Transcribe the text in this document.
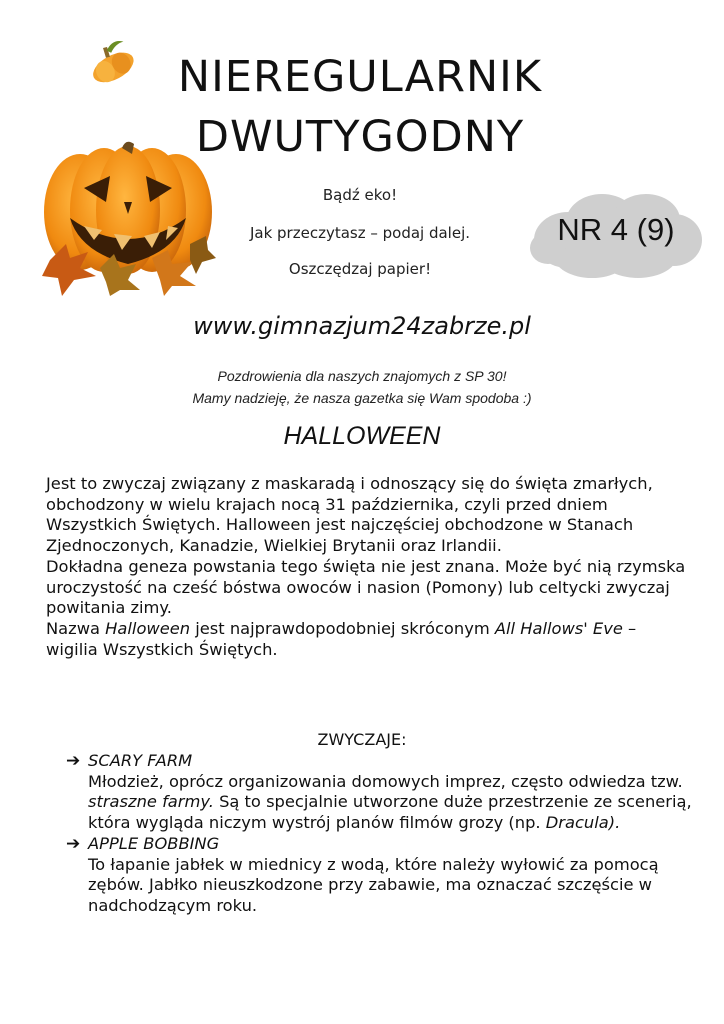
NIEREGULARNIK
DWUTYGODNY
Bądź eko!
Jak przeczytasz – podaj dalej.
Oszczędzaj papier!
NR 4 (9)
www.gimnazjum24zabrze.pl
Pozdrowienia dla naszych znajomych z SP 30!
Mamy nadzieję, że nasza gazetka się Wam spodoba :)
HALLOWEEN

Jest to zwyczaj związany z maskaradą i odnoszący się do święta zmarłych, obchodzony w wielu krajach nocą 31 października, czyli przed dniem Wszystkich Świętych. Halloween jest najczęściej obchodzone w Stanach Zjednoczonych, Kanadzie, Wielkiej Brytanii oraz Irlandii.

Dokładna geneza powstania tego święta nie jest znana. Może być nią rzymska uroczystość na cześć bóstwa owoców i nasion (Pomony) lub celtycki zwyczaj powitania zimy.

Nazwa Halloween jest najprawdopodobniej skróconym All Hallows' Eve – wigilia Wszystkich Świętych.

ZWYCZAJE:
➔ SCARY FARM
Młodzież, oprócz organizowania domowych imprez, często odwiedza tzw. straszne farmy. Są to specjalnie utworzone duże przestrzenie ze scenerią, która wygląda niczym wystrój planów filmów grozy (np. Dracula).
➔ APPLE BOBBING
To łapanie jabłek w miednicy z wodą, które należy wyłowić za pomocą zębów. Jabłko nieuszkodzone przy zabawie, ma oznaczać szczęście w nadchodzącym roku.
